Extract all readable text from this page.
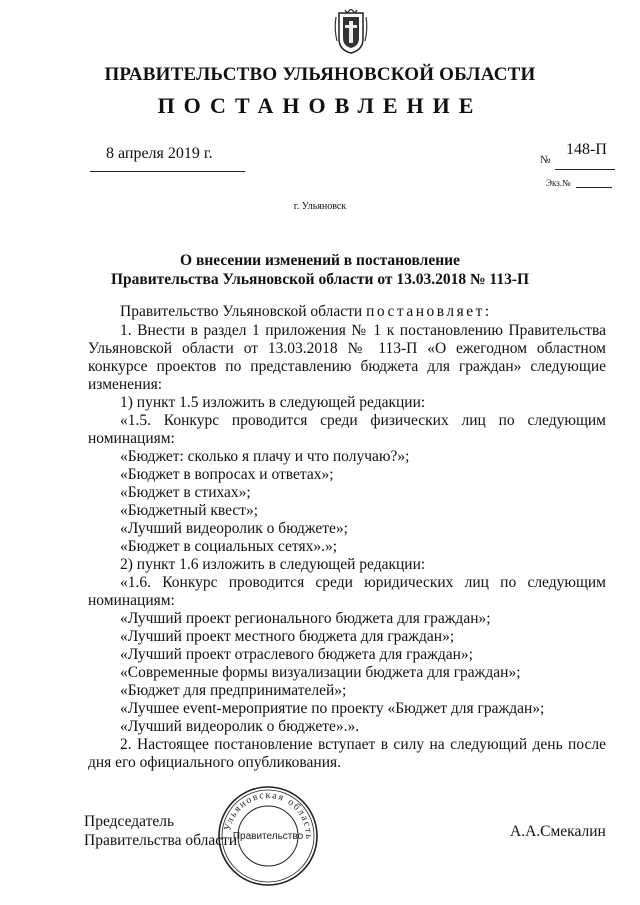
ПРАВИТЕЛЬСТВО УЛЬЯНОВСКОЙ ОБЛАСТИ
ПОСТАНОВЛЕНИЕ
8 апреля 2019 г.	№
148-П
Экз.№
г. Ульяновск
О внесении изменений в постановление
Правительства Ульяновской области от 13.03.2018 № 113-П
Правительство Ульяновской области постановляет:
1. Внести в раздел 1 приложения № 1 к постановлению Правительства
Ульяновской области от 13.03.2018 № 113-П «О ежегодном областном
конкурсе проектов по представлению бюджета для граждан» следующие
изменения:
1) пункт 1.5 изложить в следующей редакции:
«1.5. Конкурс проводится среди физических лиц по следующим
номинациям:
«Бюджет: сколько я плачу и что получаю?»;
«Бюджет в вопросах и ответах»;
«Бюджет в стихах»;
«Бюджетный квест»;
«Лучший видеоролик о бюджете»;
«Бюджет в социальных сетях».»;
2) пункт 1.6 изложить в следующей редакции:
«1.6. Конкурс проводится среди юридических лиц по следующим
номинациям:
«Лучший проект регионального бюджета для граждан»;
«Лучший проект местного бюджета для граждан»;
«Лучший проект отраслевого бюджета для граждан»;
«Современные формы визуализации бюджета для граждан»;
«Бюджет для предпринимателей»;
«Лучшее event-мероприятие по проекту «Бюджет для граждан»;
«Лучший видеоролик о бюджете».».
2. Настоящее постановление вступает в силу на следующий день после
дня его официального опубликования.
Ульяновская область
Правительство
Председатель
Правительства области
А.А.Смекалин
